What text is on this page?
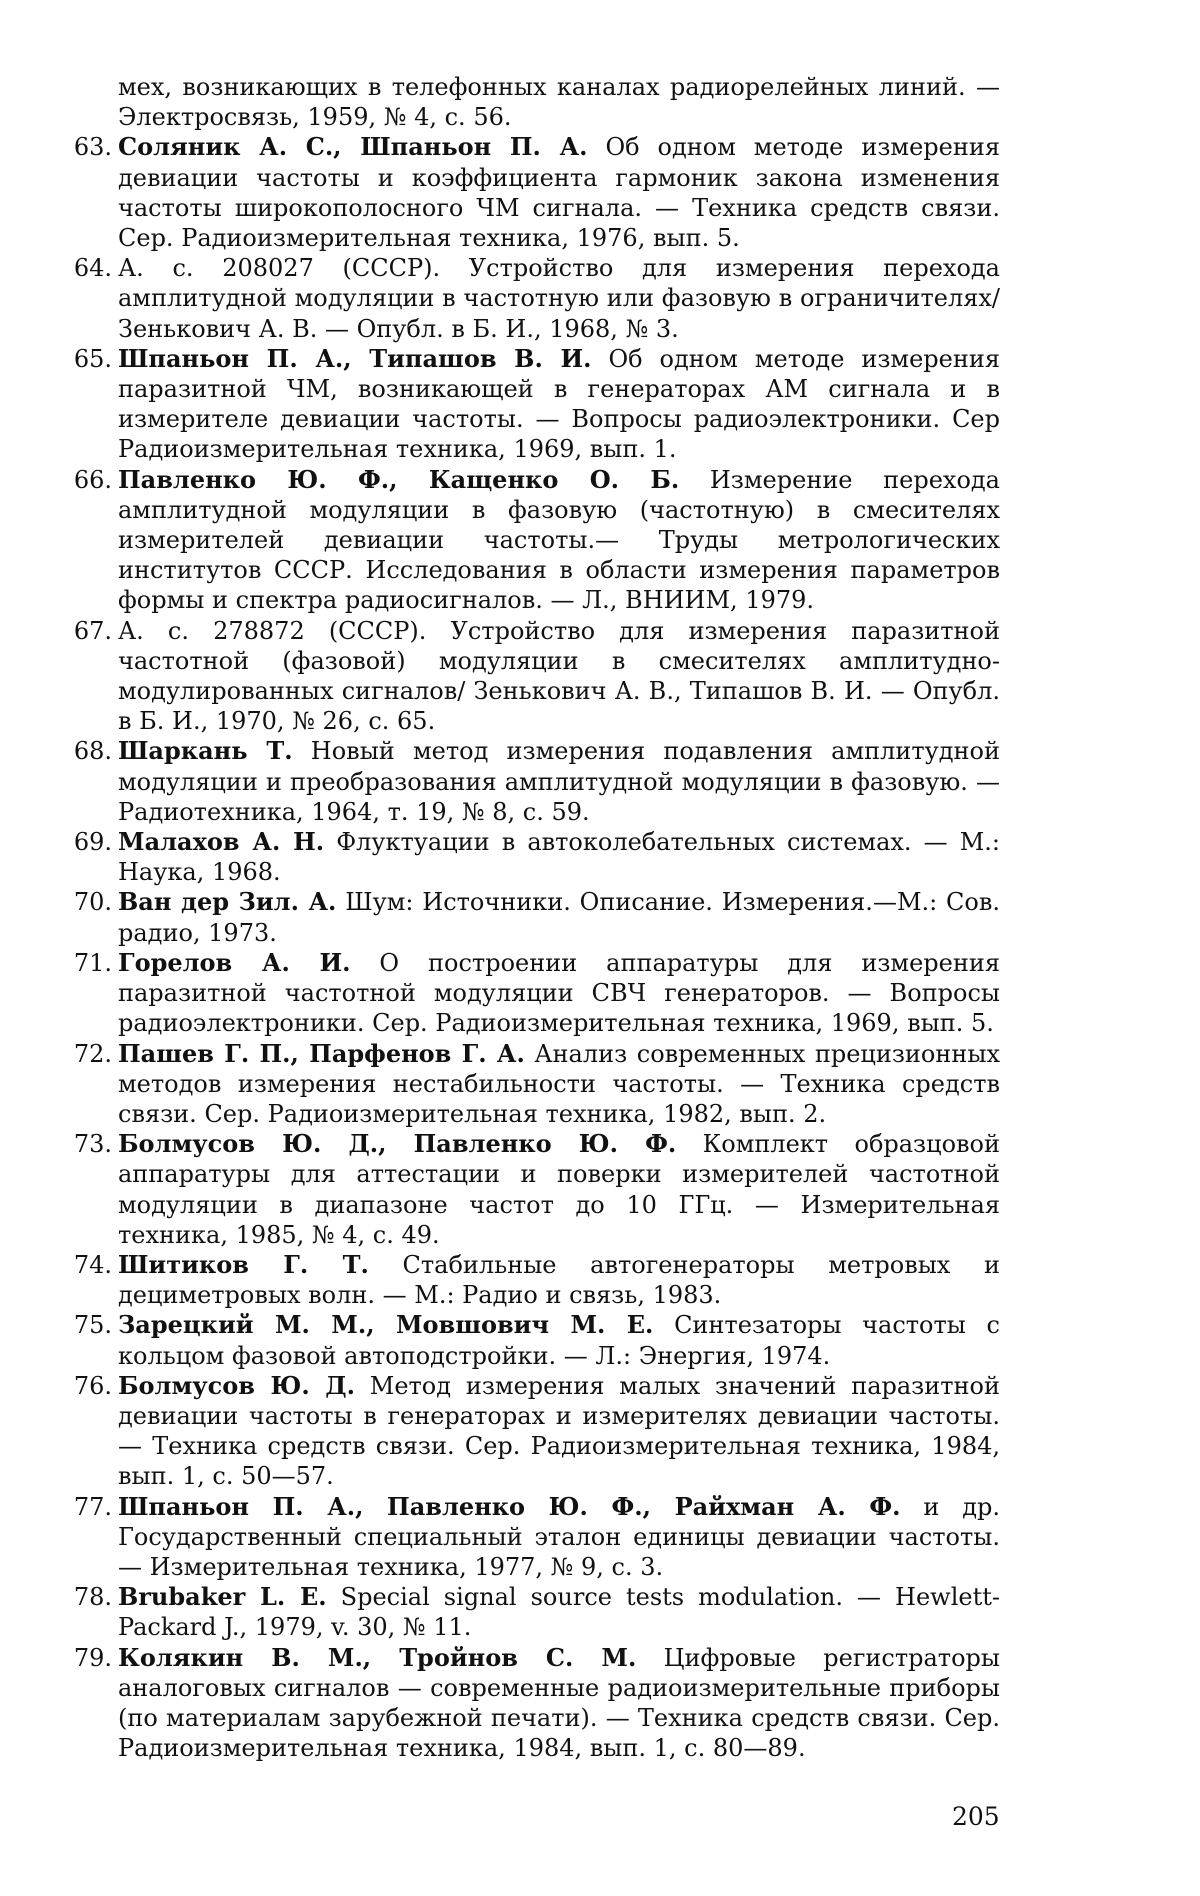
мех, возникающих в телефонных каналах радиорелейных линий. — Электросвязь, 1959, № 4, с. 56.
63. Соляник А. С., Шпаньон П. А. Об одном методе измерения девиации частоты и коэффициента гармоник закона изменения частоты широкополосного ЧМ сигнала. — Техника средств связи. Сер. Радиоизмерительная техника, 1976, вып. 5.
64. А. с. 208027 (СССР). Устройство для измерения перехода амплитудной модуляции в частотную или фазовую в ограничителях/ Зенькович А. В. — Опубл. в Б. И., 1968, № 3.
65. Шпаньон П. А., Типашов В. И. Об одном методе измерения паразитной ЧМ, возникающей в генераторах АМ сигнала и в измерителе девиации частоты. — Вопросы радиоэлектроники. Сер Радиоизмерительная техника, 1969, вып. 1.
66. Павленко Ю. Ф., Кащенко О. Б. Измерение перехода амплитудной модуляции в фазовую (частотную) в смесителях измерителей девиации частоты.— Труды метрологических институтов СССР. Исследования в области измерения параметров формы и спектра радиосигналов. — Л., ВНИИМ, 1979.
67. А. с. 278872 (СССР). Устройство для измерения паразитной частотной (фазовой) модуляции в смесителях амплитудно-модулированных сигналов/ Зенькович А. В., Типашов В. И. — Опубл. в Б. И., 1970, № 26, с. 65.
68. Шаркань Т. Новый метод измерения подавления амплитудной модуляции и преобразования амплитудной модуляции в фазовую. — Радиотехника, 1964, т. 19, № 8, с. 59.
69. Малахов А. Н. Флуктуации в автоколебательных системах. — М.: Наука, 1968.
70. Ван дер Зил. А. Шум: Источники. Описание. Измерения.—М.: Сов. радио, 1973.
71. Горелов А. И. О построении аппаратуры для измерения паразитной частотной модуляции СВЧ генераторов. — Вопросы радиоэлектроники. Сер. Радиоизмерительная техника, 1969, вып. 5.
72. Пашев Г. П., Парфенов Г. А. Анализ современных прецизионных методов измерения нестабильности частоты. — Техника средств связи. Сер. Радиоизмерительная техника, 1982, вып. 2.
73. Болмусов Ю. Д., Павленко Ю. Ф. Комплект образцовой аппаратуры для аттестации и поверки измерителей частотной модуляции в диапазоне частот до 10 ГГц. — Измерительная техника, 1985, № 4, с. 49.
74. Шитиков Г. Т. Стабильные автогенераторы метровых и дециметровых волн. — М.: Радио и связь, 1983.
75. Зарецкий М. М., Мовшович М. Е. Синтезаторы частоты с кольцом фазовой автоподстройки. — Л.: Энергия, 1974.
76. Болмусов Ю. Д. Метод измерения малых значений паразитной девиации частоты в генераторах и измерителях девиации частоты. — Техника средств связи. Сер. Радиоизмерительная техника, 1984, вып. 1, с. 50—57.
77. Шпаньон П. А., Павленко Ю. Ф., Райхман А. Ф. и др. Государственный специальный эталон единицы девиации частоты. — Измерительная техника, 1977, № 9, с. 3.
78. Brubaker L. E. Special signal source tests modulation. — Hewlett-Packard J., 1979, v. 30, № 11.
79. Колякин В. М., Тройнов С. М. Цифровые регистраторы аналоговых сигналов — современные радиоизмерительные приборы (по материалам зарубежной печати). — Техника средств связи. Сер. Радиоизмерительная техника, 1984, вып. 1, с. 80—89.
205
